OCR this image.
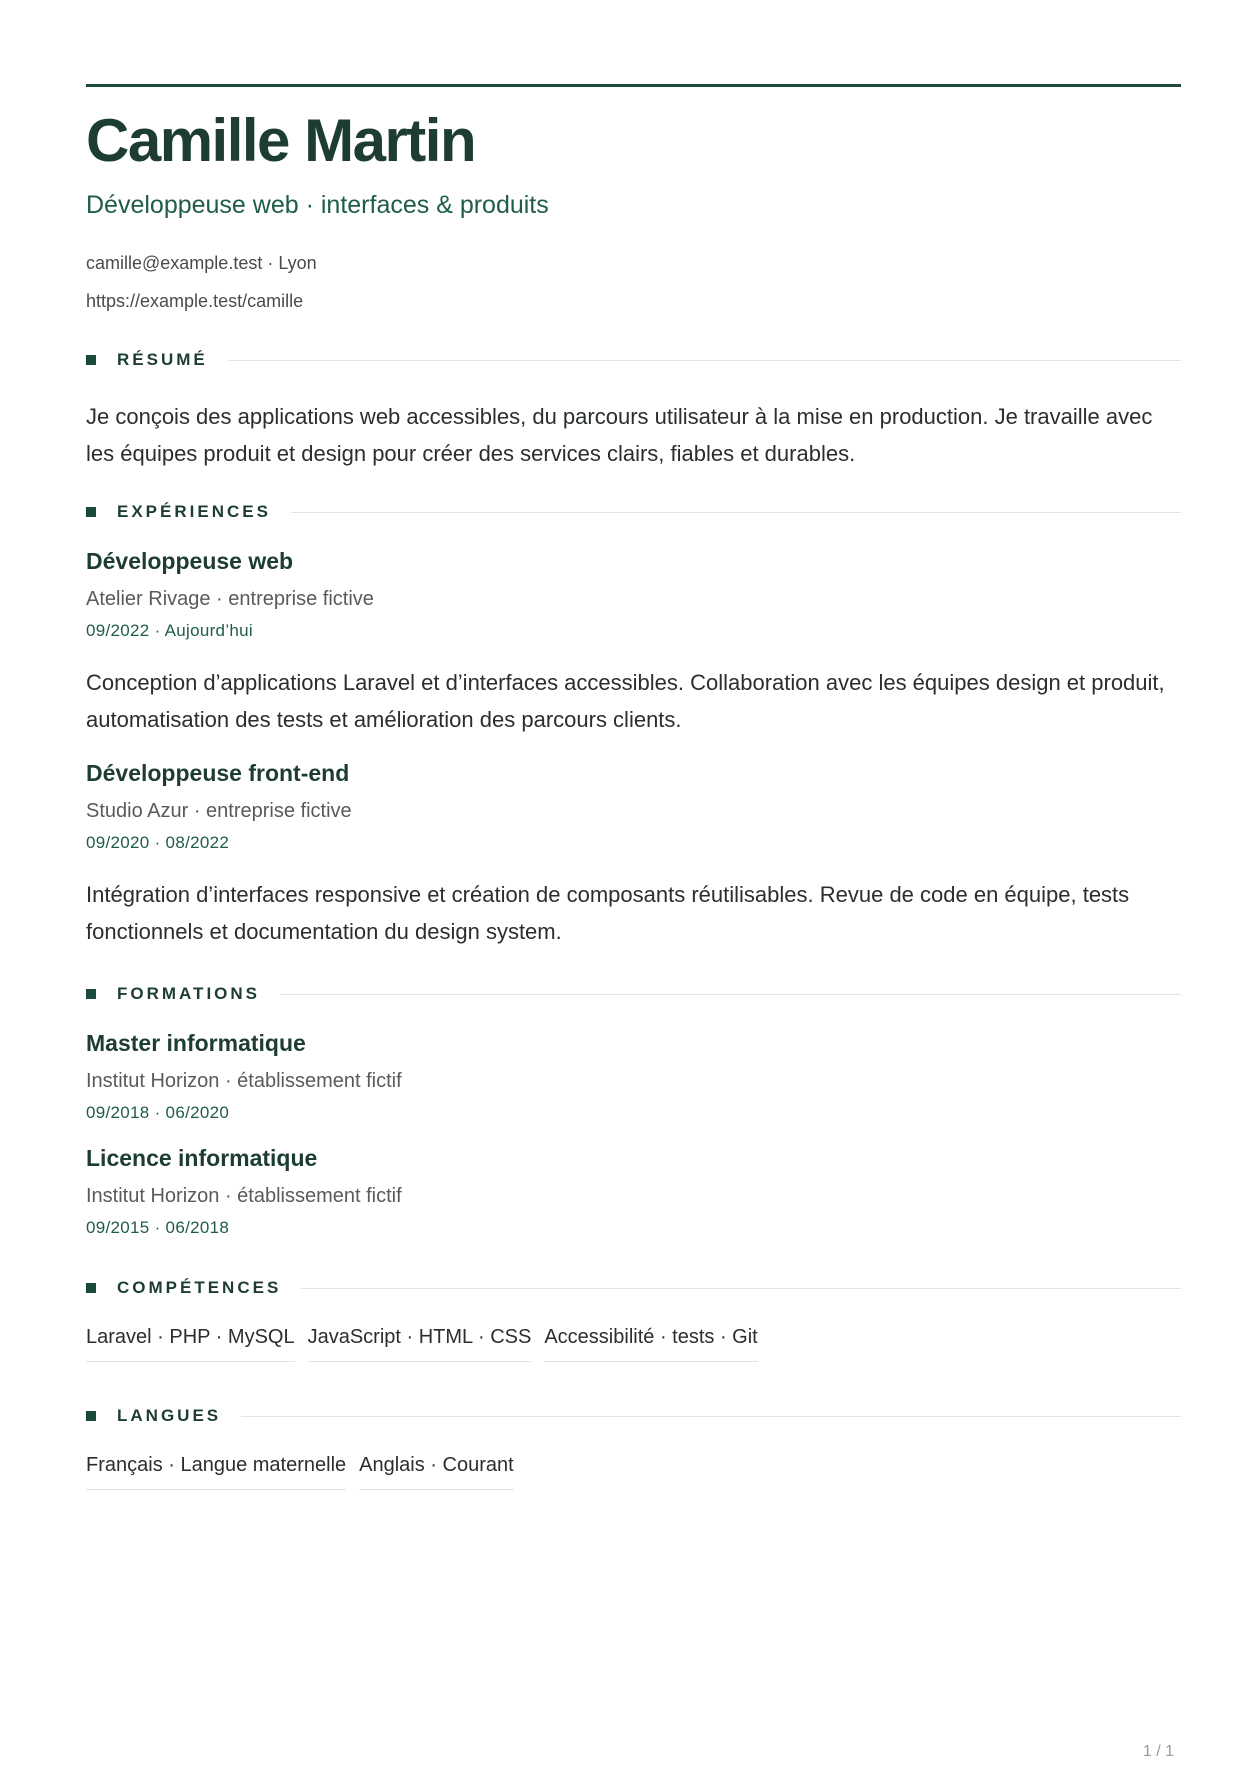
Camille Martin
Développeuse web · interfaces & produits
camille@example.test · Lyon
https://example.test/camille
RÉSUMÉ
Je conçois des applications web accessibles, du parcours utilisateur à la mise en production. Je travaille avec les équipes produit et design pour créer des services clairs, fiables et durables.
EXPÉRIENCES
Développeuse web
Atelier Rivage · entreprise fictive
09/2022 · Aujourd’hui
Conception d’applications Laravel et d’interfaces accessibles. Collaboration avec les équipes design et produit, automatisation des tests et amélioration des parcours clients.
Développeuse front-end
Studio Azur · entreprise fictive
09/2020 · 08/2022
Intégration d’interfaces responsive et création de composants réutilisables. Revue de code en équipe, tests fonctionnels et documentation du design system.
FORMATIONS
Master informatique
Institut Horizon · établissement fictif
09/2018 · 06/2020
Licence informatique
Institut Horizon · établissement fictif
09/2015 · 06/2018
COMPÉTENCES
Laravel · PHP · MySQL JavaScript · HTML · CSS Accessibilité · tests · Git
LANGUES
Français · Langue maternelle Anglais · Courant
1 / 1
